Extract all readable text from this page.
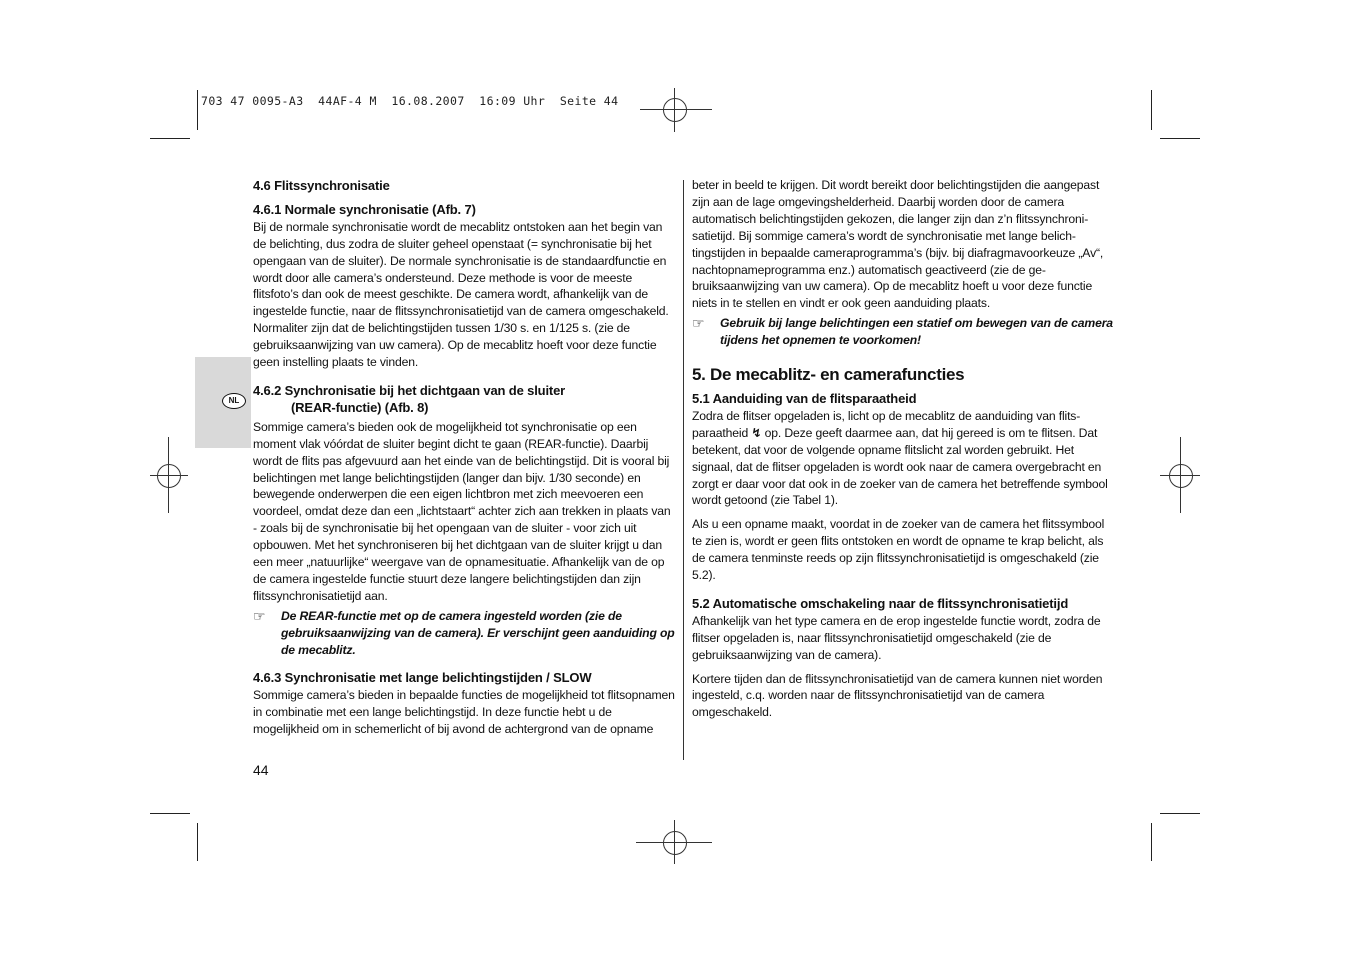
703 47 0095-A3  44AF-4 M  16.08.2007  16:09 Uhr  Seite 44
NL
4.6 Flitssynchronisatie
4.6.1 Normale synchronisatie (Afb. 7)

Bij de normale synchronisatie wordt de mecablitz ontstoken aan het begin van de belichting, dus zodra de sluiter geheel openstaat (= synchronisatie bij het opengaan van de sluiter). De normale synchronisatie is de standaardfunctie en wordt door alle camera’s ondersteund. Deze methode is voor de meeste flitsfoto’s dan ook de meest geschikte. De camera wordt, afhankelijk van de ingestelde functie, naar de flitssynchronisatietijd van de camera omgeschakeld. Normaliter zijn dat de belichtingstijden tussen 1/30 s. en 1/125 s. (zie de gebruiksaanwijzing van uw camera). Op de mecablitz hoeft voor deze functie geen instelling plaats te vinden.

4.6.2 Synchronisatie bij het dichtgaan van de sluiter
(REAR-functie) (Afb. 8)

Sommige camera’s bieden ook de mogelijkheid tot synchronisatie op een moment vlak vóórdat de sluiter begint dicht te gaan (REAR-functie). Daarbij wordt de flits pas afgevuurd aan het einde van de belichtingstijd. Dit is vooral bij belichtingen met lange belichtingstijden (langer dan bijv. 1/30 seconde) en bewegende onderwerpen die een eigen lichtbron met zich meevoeren een voordeel, omdat deze dan een „lichtstaart“ achter zich aan trekken in plaats van - zoals bij de synchronisatie bij het opengaan van de sluiter - voor zich uit opbouwen. Met het synchroniseren bij het dichtgaan van de sluiter krijgt u dan een meer „natuurlijke“ weergave van de opnamesituatie. Afhankelijk van de op de camera ingestelde functie stuurt deze langere belichtingstijden dan zijn flitssynchronisatietijd aan.

☞	De REAR-functie met op de camera ingesteld worden (zie de gebruiksaanwijzing van de camera). Er verschijnt geen aanduiding op de mecablitz.
4.6.3 Synchronisatie met lange belichtingstijden / SLOW

Sommige camera’s bieden in bepaalde functies de mogelijkheid tot flitsopnamen in combinatie met een lange belichtingstijd. In deze functie hebt u de mogelijkheid om in schemerlicht of bij avond de achtergrond van de opname

beter in beeld te krijgen. Dit wordt bereikt door belichtingstijden die aangepast zijn aan de lage omgevingshelderheid. Daarbij worden door de camera automatisch belichtingstijden gekozen, die langer zijn dan z’n flitssynchronisatietijd. Bij sommige camera’s wordt de synchronisatie met lange belichtingstijden in bepaalde cameraprogramma’s (bijv. bij diafragmavoorkeuze „Av“, nachtopnameprogramma enz.) automatisch geactiveerd (zie de gebruiksaanwijzing van uw camera). Op de mecablitz hoeft u voor deze functie niets in te stellen en vindt er ook geen aanduiding plaats.

☞	Gebruik bij lange belichtingen een statief om bewegen van de camera tijdens het opnemen te voorkomen!
5. De mecablitz- en camerafuncties
5.1 Aanduiding van de flitsparaatheid

Zodra de flitser opgeladen is, licht op de mecablitz de aanduiding van flitsparaatheid ↯ op. Deze geeft daarmee aan, dat hij gereed is om te flitsen. Dat betekent, dat voor de volgende opname flitslicht zal worden gebruikt. Het signaal, dat de flitser opgeladen is wordt ook naar de camera overgebracht en zorgt er daar voor dat ook in de zoeker van de camera het betreffende symbool wordt getoond (zie Tabel 1).

Als u een opname maakt, voordat in de zoeker van de camera het flitssymbool te zien is, wordt er geen flits ontstoken en wordt de opname te krap belicht, als de camera tenminste reeds op zijn flitssynchronisatietijd is omgeschakeld (zie 5.2).

5.2 Automatische omschakeling naar de flitssynchronisatietijd

Afhankelijk van het type camera en de erop ingestelde functie wordt, zodra de flitser opgeladen is, naar flitssynchronisatietijd omgeschakeld (zie de gebruiksaanwijzing van de camera).

Kortere tijden dan de flitssynchronisatietijd van de camera kunnen niet worden ingesteld, c.q. worden naar de flitssynchronisatietijd van de camera omgeschakeld.

44
